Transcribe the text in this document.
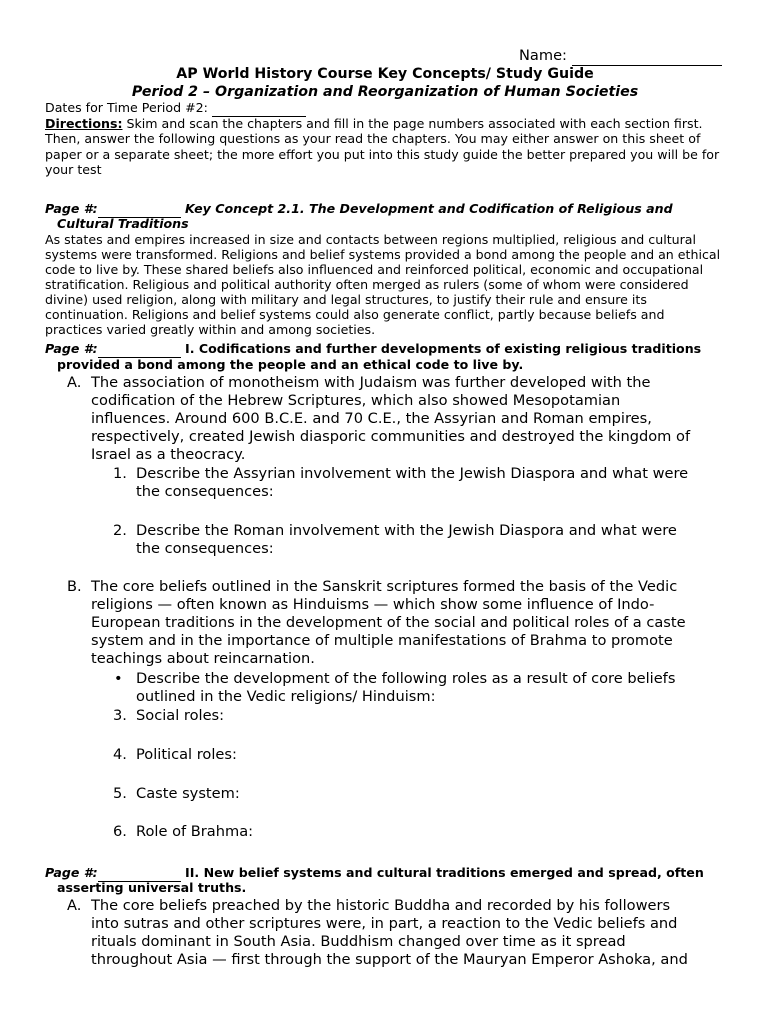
Name:
AP World History Course Key Concepts/ Study Guide
Period 2 – Organization and Reorganization of Human Societies
Dates for Time Period #2:
Directions: Skim and scan the chapters and fill in the page numbers associated with each section first.
Then, answer the following questions as your read the chapters. You may either answer on this sheet of
paper or a separate sheet; the more effort you put into this study guide the better prepared you will be for
your test
Page #:	Key Concept 2.1. The Development and Codification of Religious and
Cultural Traditions
As states and empires increased in size and contacts between regions multiplied, religious and cultural
systems were transformed. Religions and belief systems provided a bond among the people and an ethical
code to live by. These shared beliefs also influenced and reinforced political, economic and occupational
stratification. Religious and political authority often merged as rulers (some of whom were considered
divine) used religion, along with military and legal structures, to justify their rule and ensure its
continuation. Religions and belief systems could also generate conflict, partly because beliefs and
practices varied greatly within and among societies.
Page #:	I. Codifications and further developments of existing religious traditions
provided a bond among the people and an ethical code to live by.
A. The association of monotheism with Judaism was further developed with the
codification of the Hebrew Scriptures, which also showed Mesopotamian
influences. Around 600 B.C.E. and 70 C.E., the Assyrian and Roman empires,
respectively, created Jewish diasporic communities and destroyed the kingdom of
Israel as a theocracy.
1. Describe the Assyrian involvement with the Jewish Diaspora and what were
the consequences:
2. Describe the Roman involvement with the Jewish Diaspora and what were
the consequences:
B. The core beliefs outlined in the Sanskrit scriptures formed the basis of the Vedic
religions — often known as Hinduisms — which show some influence of Indo-
European traditions in the development of the social and political roles of a caste
system and in the importance of multiple manifestations of Brahma to promote
teachings about reincarnation.
• Describe the development of the following roles as a result of core beliefs
outlined in the Vedic religions/ Hinduism:
3. Social roles:
4. Political roles:
5. Caste system:
6. Role of Brahma:
Page #:	II. New belief systems and cultural traditions emerged and spread, often
asserting universal truths.
A. The core beliefs preached by the historic Buddha and recorded by his followers
into sutras and other scriptures were, in part, a reaction to the Vedic beliefs and
rituals dominant in South Asia. Buddhism changed over time as it spread
throughout Asia — first through the support of the Mauryan Emperor Ashoka, and
